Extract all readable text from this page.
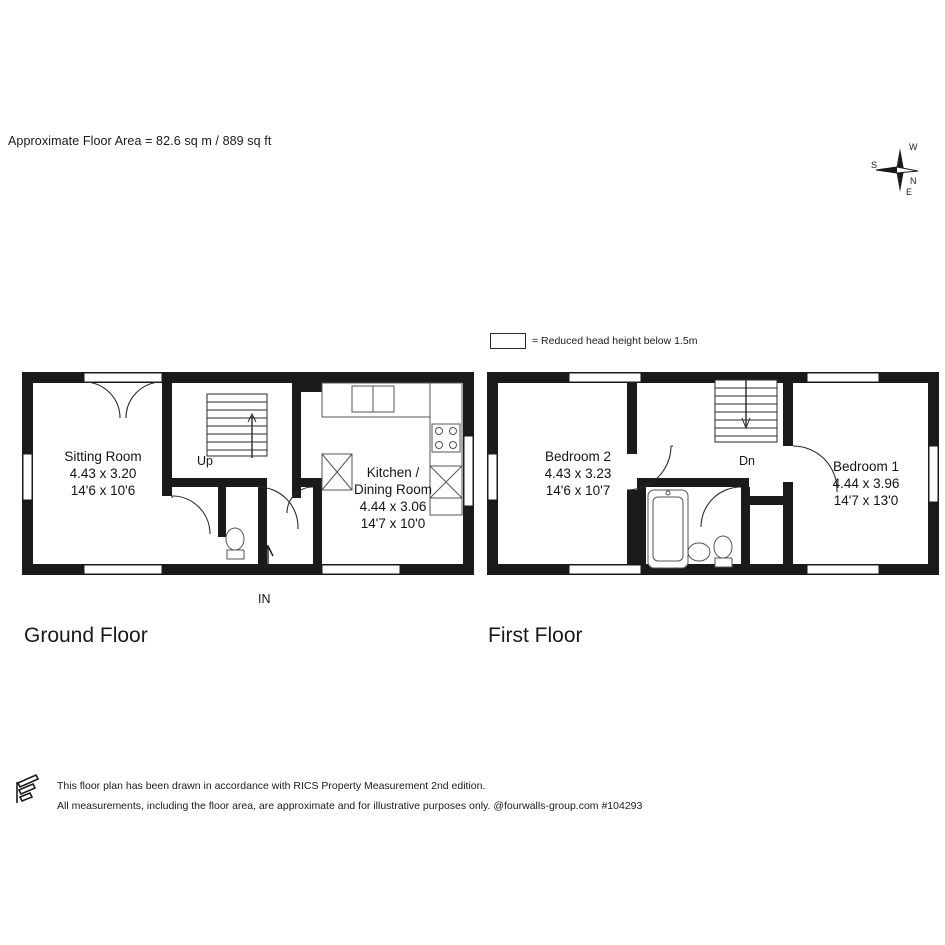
Approximate Floor Area = 82.6 sq m / 889 sq ft
N
S
E
W
= Reduced head height below 1.5m
Sitting Room
4.43 x 3.20
14'6 x 10'6
Kitchen /
Dining Room
4.44 x 3.06
14'7 x 10'0
Up
IN
Bedroom 2
4.43 x 3.23
14'6 x 10'7
Bedroom 1
4.44 x 3.96
14'7 x 13'0
Dn
Ground Floor	First Floor
This floor plan has been drawn in accordance with RICS Property Measurement 2nd edition.
All measurements, including the floor area, are approximate and for illustrative purposes only. @fourwalls-group.com #104293
